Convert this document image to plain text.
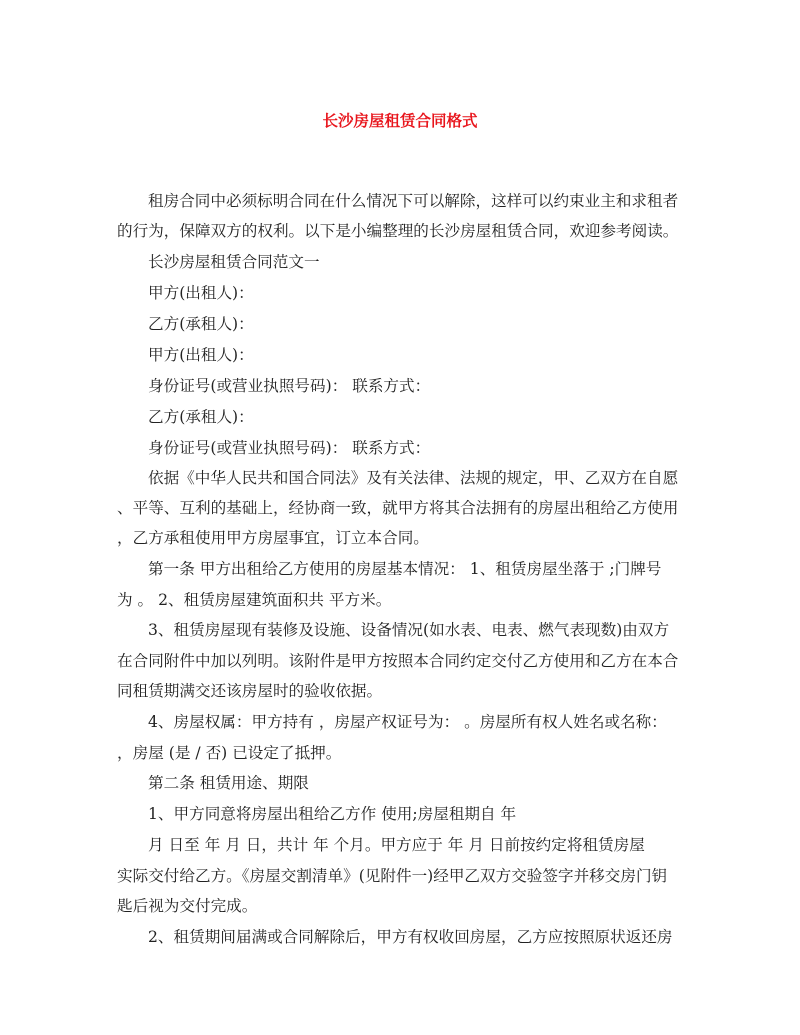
长沙房屋租赁合同格式
租房合同中必须标明合同在什么情况下可以解除，这样可以约束业主和求租者
的行为，保障双方的权利。以下是小编整理的长沙房屋租赁合同，欢迎参考阅读。
长沙房屋租赁合同范文一
甲方(出租人)：
乙方(承租人)：
甲方(出租人)：
身份证号(或营业执照号码)： 联系方式：
乙方(承租人)：
身份证号(或营业执照号码)： 联系方式：
依据《中华人民共和国合同法》及有关法律、法规的规定，甲、乙双方在自愿
、平等、互利的基础上，经协商一致，就甲方将其合法拥有的房屋出租给乙方使用
，乙方承租使用甲方房屋事宜，订立本合同。
第一条 甲方出租给乙方使用的房屋基本情况： 1、租赁房屋坐落于 ;门牌号
为 。 2、租赁房屋建筑面积共 平方米。
3、租赁房屋现有装修及设施、设备情况(如水表、电表、燃气表现数)由双方
在合同附件中加以列明。该附件是甲方按照本合同约定交付乙方使用和乙方在本合
同租赁期满交还该房屋时的验收依据。
4、房屋权属：甲方持有 ，房屋产权证号为： 。房屋所有权人姓名或名称：
，房屋 (是 / 否) 已设定了抵押。
第二条 租赁用途、期限
1、甲方同意将房屋出租给乙方作 使用;房屋租期自 年
月 日至 年 月 日，共计 年 个月。甲方应于 年 月 日前按约定将租赁房屋
实际交付给乙方。《房屋交割清单》(见附件一)经甲乙双方交验签字并移交房门钥
匙后视为交付完成。
2、租赁期间届满或合同解除后，甲方有权收回房屋，乙方应按照原状返还房
